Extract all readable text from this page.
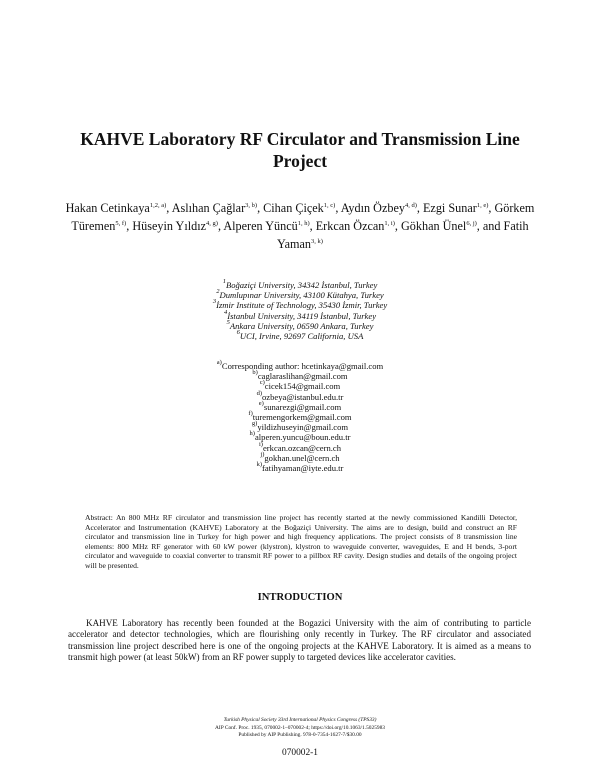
KAHVE Laboratory RF Circulator and Transmission Line Project
Hakan Cetinkaya$^{1,2, a)}$, Aslıhan Çağlar$^{3, b)}$, Cihan Çiçek$^{1, c)}$, Aydın Özbey$^{4, d)}$, Ezgi Sunar$^{1, e)}$, Görkem Türemen$^{5, f)}$, Hüseyin Yıldız$^{4, g)}$, Alperen Yüncü$^{1, h)}$, Erkcan Özcan$^{1, i)}$, Gökhan Ünel$^{6, j)}$, and Fatih Yaman$^{3, k)}$
$^1$Boğaziçi University, 34342 İstanbul, Turkey
$^2$Dumlupınar University, 43100 Kütahya, Turkey
$^3$İzmir Institute of Technology, 35430 İzmir, Turkey
$^4$İstanbul University, 34119 İstanbul, Turkey
$^5$Ankara University, 06590 Ankara, Turkey
$^6$UCI, Irvine, 92697 California, USA
$^{a)}$Corresponding author: hcetinkaya@gmail.com
$^{b)}$caglaraslihan@gmail.com
$^{c)}$cicek154@gmail.com
$^{d)}$ozbeya@istanbul.edu.tr
$^{e)}$sunarezgi@gmail.com
$^{f)}$turemengorkem@gmail.com
$^{g)}$yildizhuseyin@gmail.com
$^{h)}$alperen.yuncu@boun.edu.tr
$^{i)}$erkcan.ozcan@cern.ch
$^{j)}$gokhan.unel@cern.ch
$^{k)}$fatihyaman@iyte.edu.tr

Abstract: An 800 MHz RF circulator and transmission line project has recently started at the newly commissioned Kandilli Detector, Accelerator and Instrumentation (KAHVE) Laboratory at the Boğaziçi University. The aims are to design, build and construct an RF circulator and transmission line in Turkey for high power and high frequency applications. The project consists of 8 transmission line elements: 800 MHz RF generator with 60 kW power (klystron), klystron to waveguide converter, waveguides, E and H bends, 3-port circulator and waveguide to coaxial converter to transmit RF power to a pillbox RF cavity. Design studies and details of the ongoing project will be presented.

INTRODUCTION

KAHVE Laboratory has recently been founded at the Bogazici University with the aim of contributing to particle accelerator and detector technologies, which are flourishing only recently in Turkey. The RF circulator and associated transmission line project described here is one of the ongoing projects at the KAHVE Laboratory. It is aimed as a means to transmit high power (at least 50kW) from an RF power supply to targeted devices like accelerator cavities.

Turkish Physical Society 33rd International Physics Congress (TPS33)
AIP Conf. Proc. 1935, 070002-1–070002-4; https://doi.org/10.1063/1.5025983
Published by AIP Publishing. 978-0-7354-1627-7/$30.00
070002-1
